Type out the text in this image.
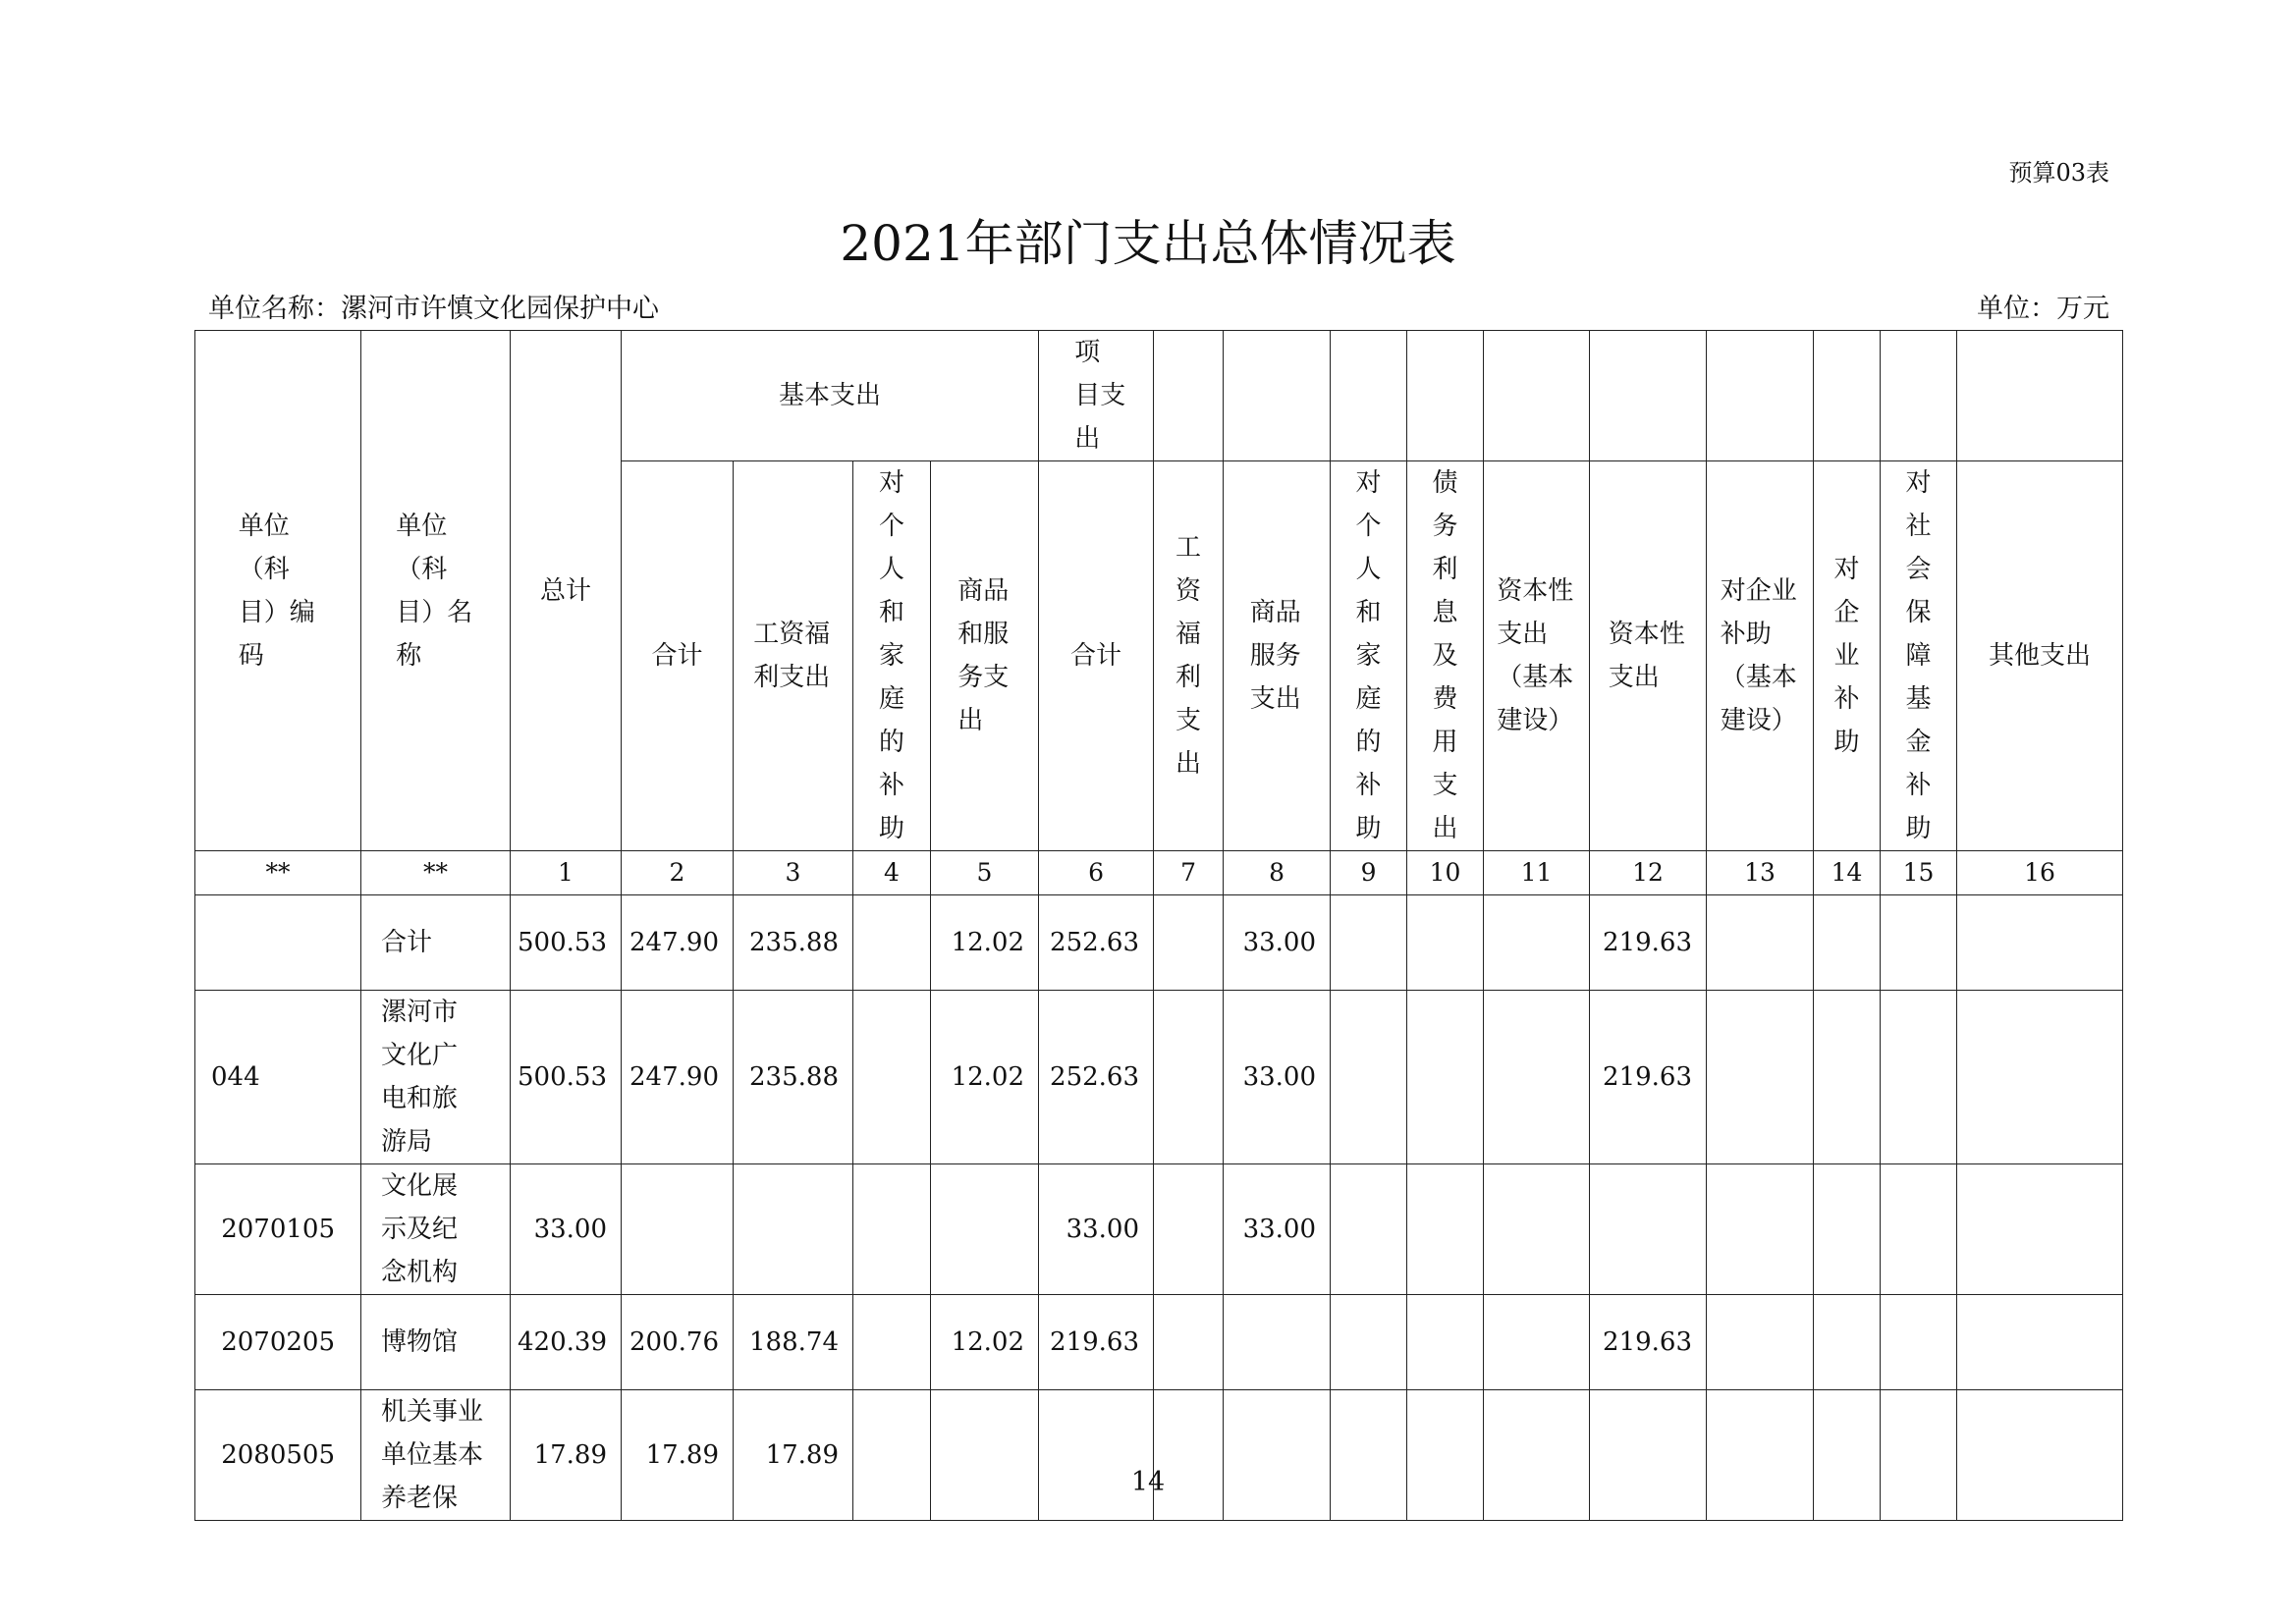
预算03表
2021年部门支出总体情况表
单位名称：漯河市许慎文化园保护中心	单位：万元
单位（科目）编码	单位（科目）名称	总计	基本支出				项　目支出										

			合计	工资福利支出	对个人和家庭的补助	商品和服务支出	合计	工资福利支出	商品服务支出	对个人和家庭的补助	债务利息及费用支出	资本性支出（基本建设）	资本性支出	对企业补助（基本建设）	对企业补助	对社会保障基金补助	其他支出
**	**	1	2	3	4	5	6	7	8	9	10	11	12	13	14	15	16
	合计	500.53	247.90	235.88		12.02	252.63		33.00				219.63				
044	漯河市文化广电和旅游局	500.53	247.90	235.88		12.02	252.63		33.00				219.63				
2070105	文化展示及纪念机构	33.00					33.00		33.00								
2070205	博物馆	420.39	200.76	188.74		12.02	219.63						219.63				
2080505	机关事业单位基本养老保	17.89	17.89	17.89													
14
